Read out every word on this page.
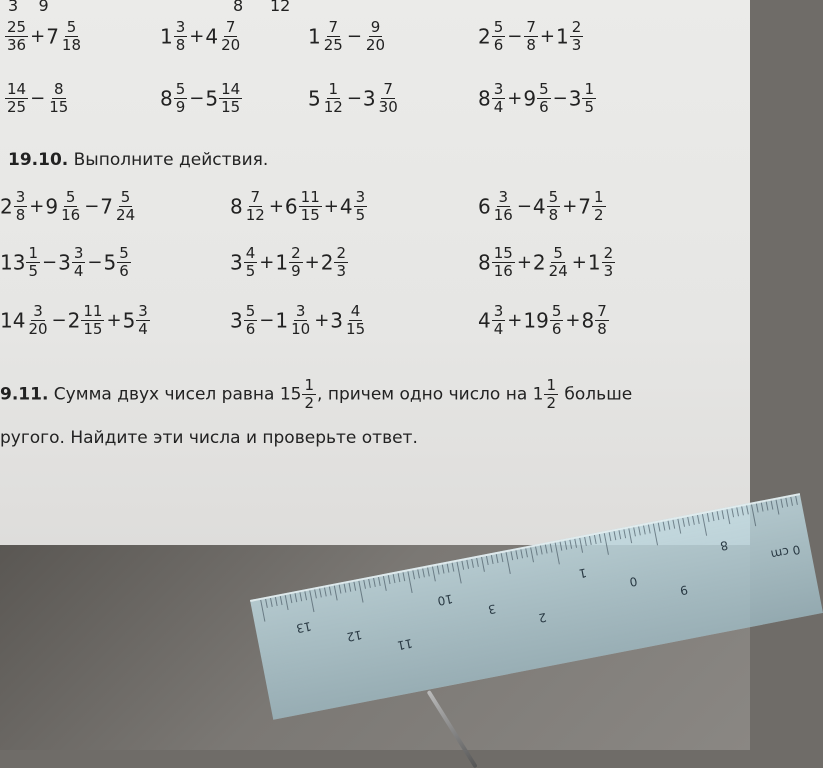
3 9	8 12
$\frac{25}{36} +7 \frac{5}{18}$	$1 \frac{3}{8} +4 \frac{7}{20}$	$1 \frac{7}{25} - \frac{9}{20}$	$2 \frac{5}{6} - \frac{7}{8} +1 \frac{2}{3}$
$\frac{14}{25} - \frac{8}{15}$	$8 \frac{5}{9} -5 \frac{14}{15}$	$5 \frac{1}{12} -3 \frac{7}{30}$	$8 \frac{3}{4} +9 \frac{5}{6} -3 \frac{1}{5}$
19.10. Выполните действия.
$2 \frac{3}{8} +9 \frac{5}{16} -7 \frac{5}{24}$	$8 \frac{7}{12} +6 \frac{11}{15} +4 \frac{3}{5}$	$6 \frac{3}{16} -4 \frac{5}{8} +7 \frac{1}{2}$
$13 \frac{1}{5} -3 \frac{3}{4} -5 \frac{5}{6}$	$3 \frac{4}{5} +1 \frac{2}{9} +2 \frac{2}{3}$	$8 \frac{15}{16} +2 \frac{5}{24} +1 \frac{2}{3}$
$14 \frac{3}{20} -2 \frac{11}{15} +5 \frac{3}{4}$	$3 \frac{5}{6} -1 \frac{3}{10} +3 \frac{4}{15}$	$4 \frac{3}{4} +19 \frac{5}{6} +8 \frac{7}{8}$
9.11. Сумма двух чисел равна $15 \frac{1}{2}$ , причем одно число на $1 \frac{1}{2}$ больше
ругого. Найдите эти числа и проверьте ответ.
13
12
11
10
3
2
1
0
9
8	0 cm
